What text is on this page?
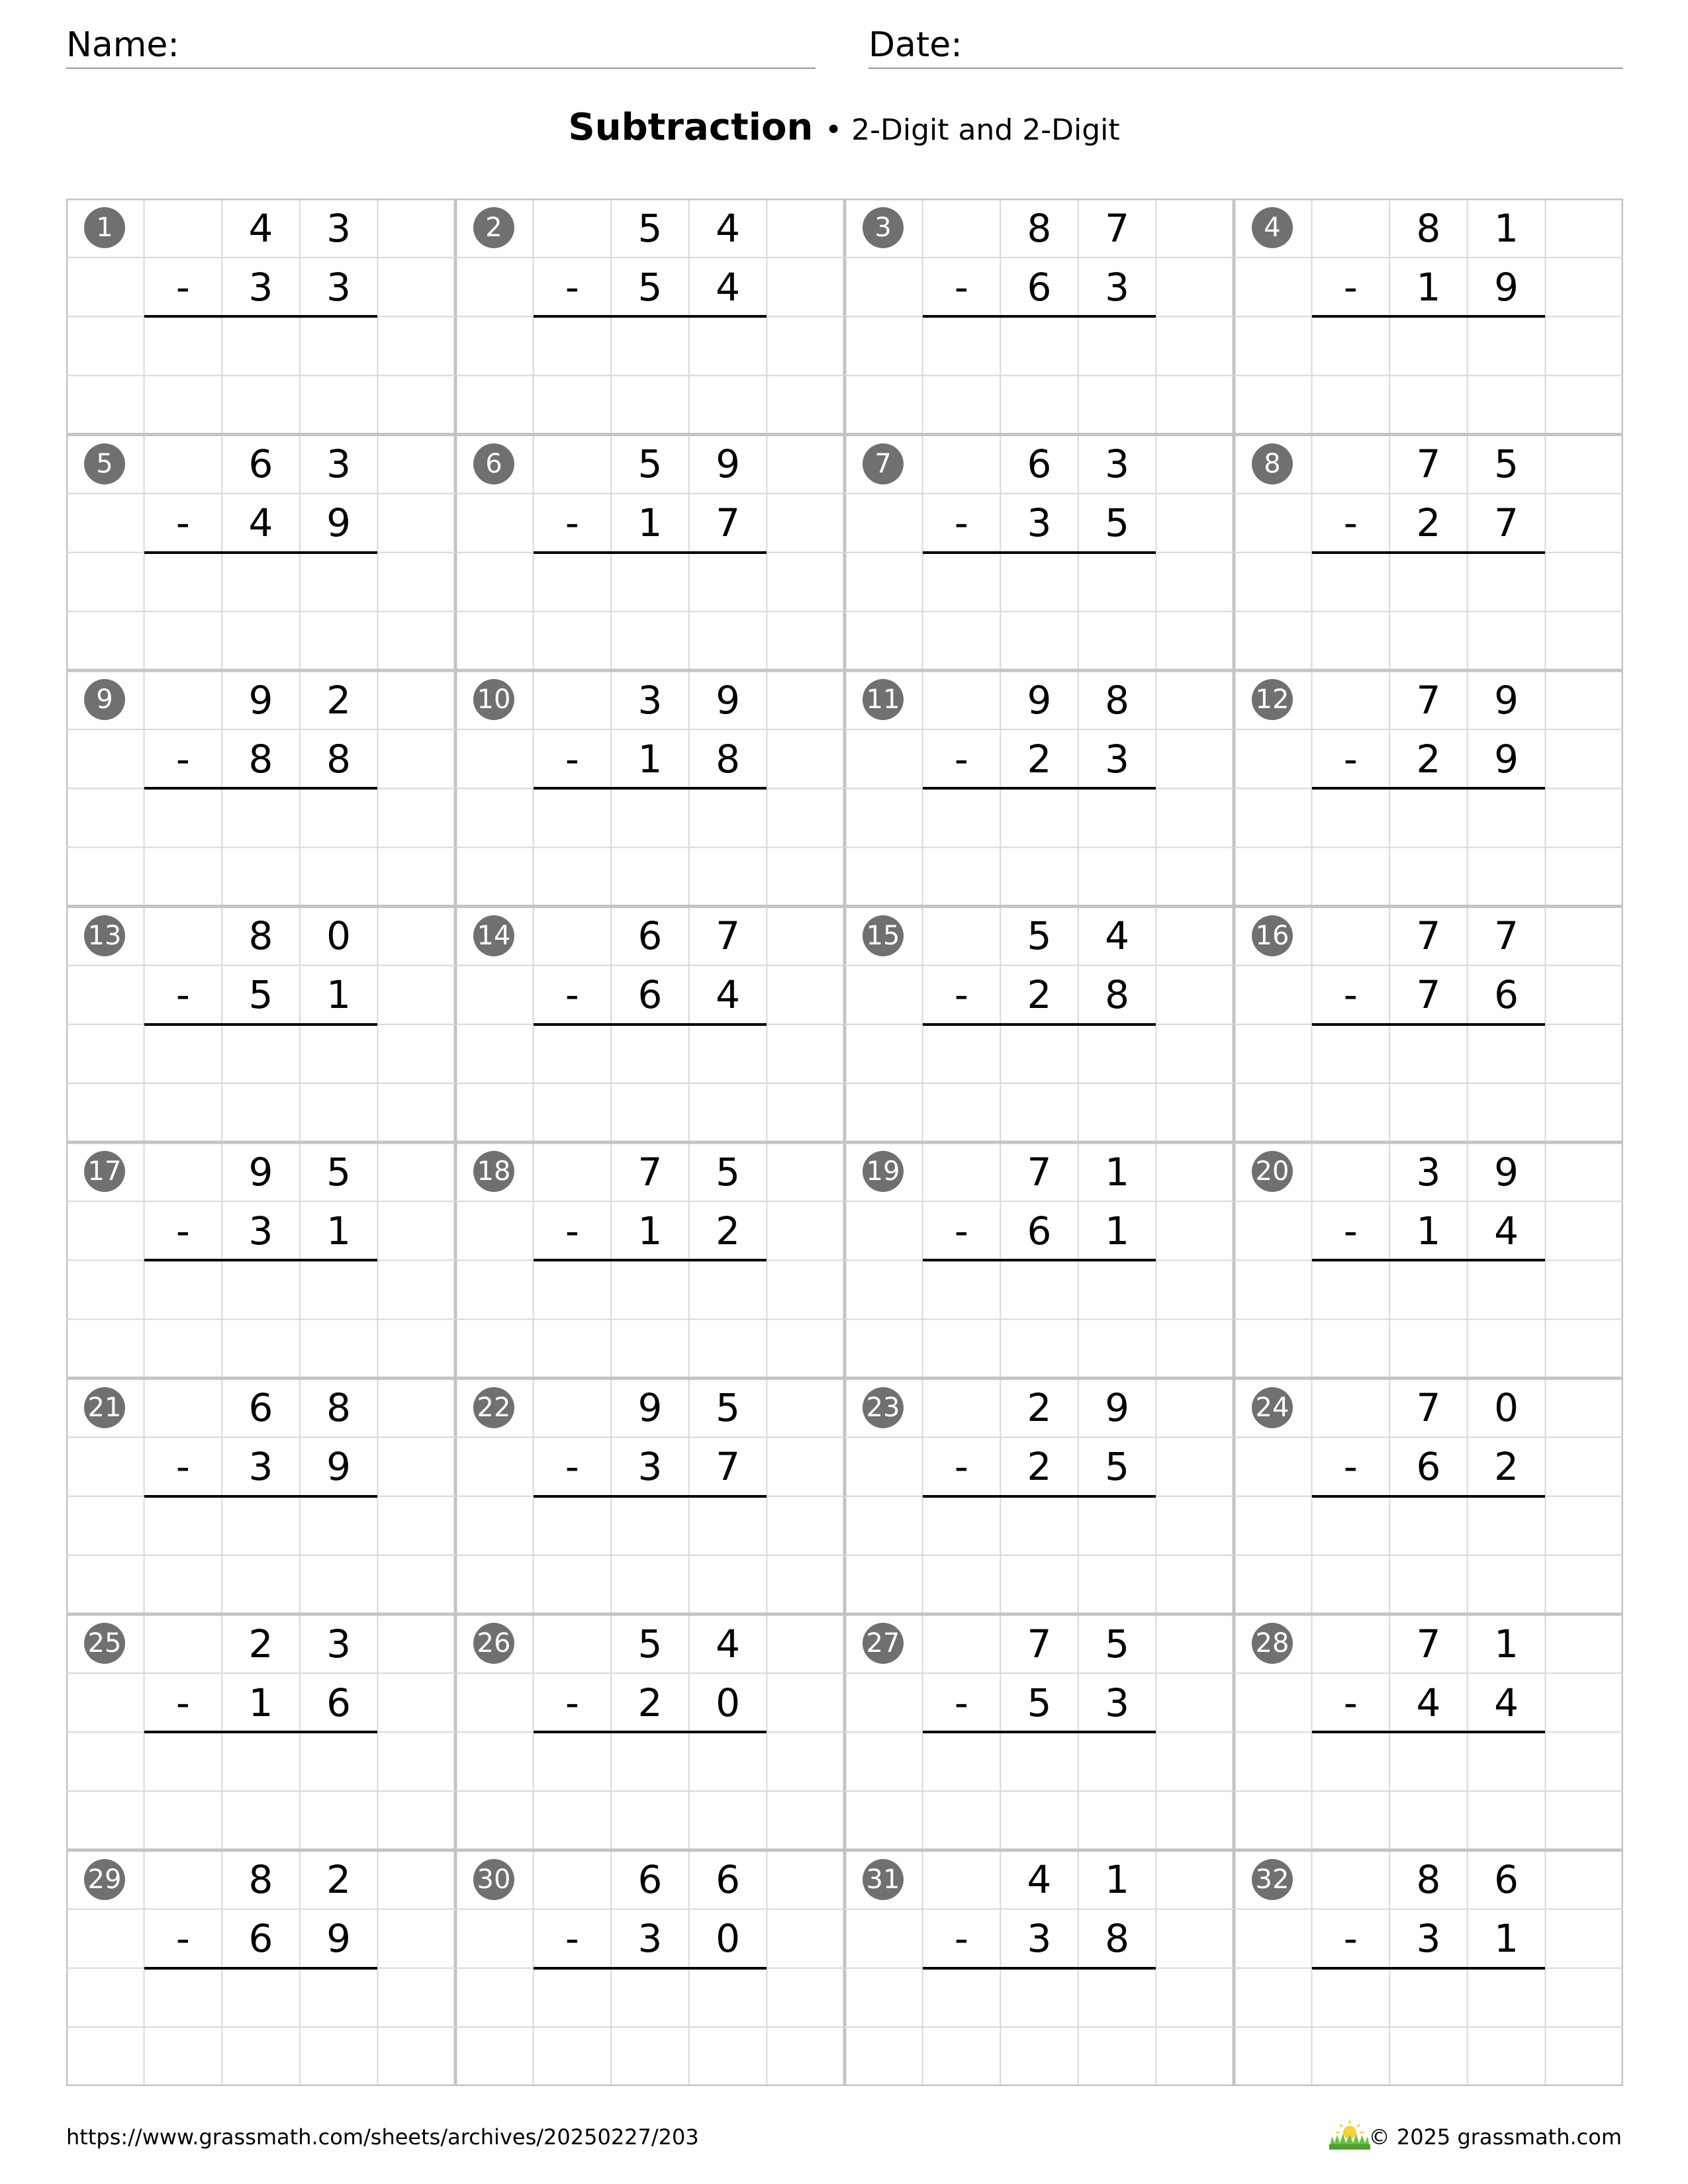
Name:	Date:
Subtraction • 2-Digit and 2-Digit
1	4	3
-	3	3
2	5	4
-	5	4
3	8	7
-	6	3
4	8	1
-	1	9
5	6	3
-	4	9
6	5	9
-	1	7
7	6	3
-	3	5
8	7	5
-	2	7
9	9	2
-	8	8
10	3	9
-	1	8
11	9	8
-	2	3
12	7	9
-	2	9
13	8	0
-	5	1
14	6	7
-	6	4
15	5	4
-	2	8
16	7	7
-	7	6
17	9	5
-	3	1
18	7	5
-	1	2
19	7	1
-	6	1
20	3	9
-	1	4
21	6	8
-	3	9
22	9	5
-	3	7
23	2	9
-	2	5
24	7	0
-	6	2
25	2	3
-	1	6
26	5	4
-	2	0
27	7	5
-	5	3
28	7	1
-	4	4
29	8	2
-	6	9
30	6	6
-	3	0
31	4	1
-	3	8
32	8	6
-	3	1
https://www.grassmath.com/sheets/archives/20250227/203	© 2025 grassmath.com
